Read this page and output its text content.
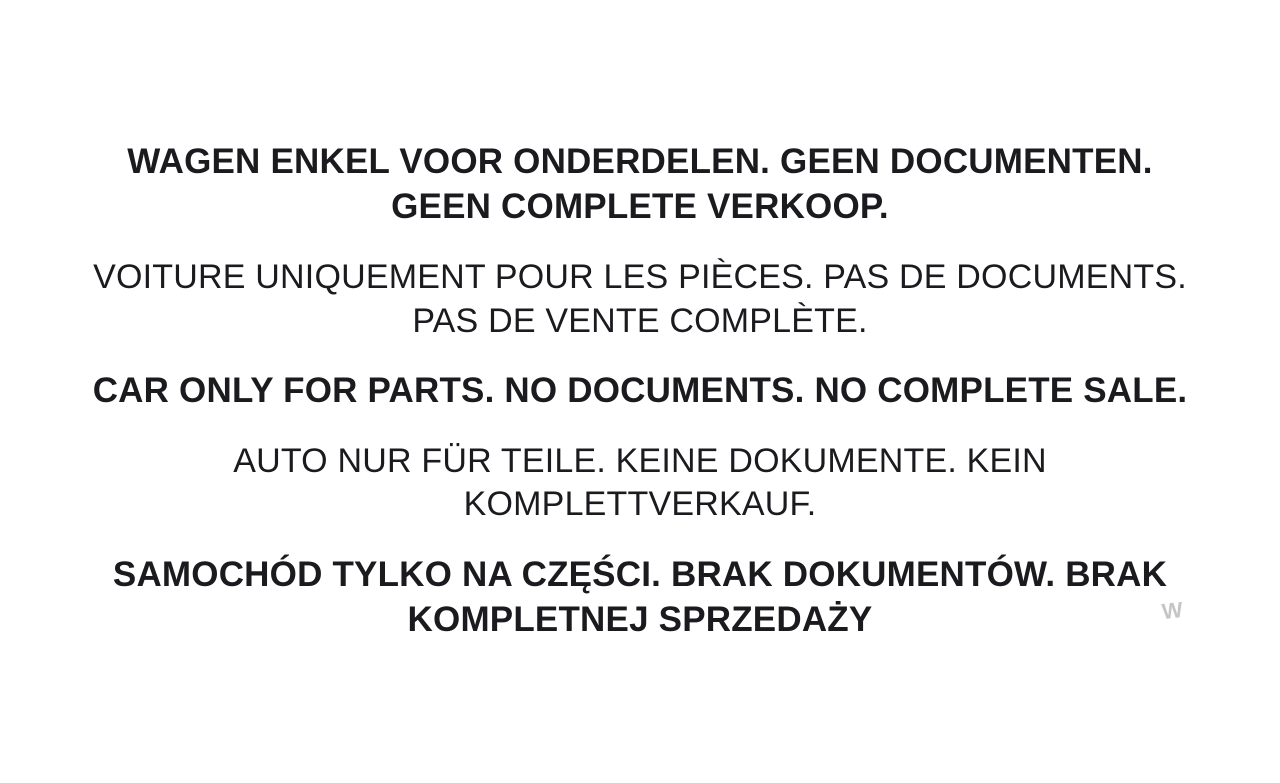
WAGEN ENKEL VOOR ONDERDELEN. GEEN DOCUMENTEN. GEEN COMPLETE VERKOOP.

VOITURE UNIQUEMENT POUR LES PIÈCES. PAS DE DOCUMENTS. PAS DE VENTE COMPLÈTE.

CAR ONLY FOR PARTS. NO DOCUMENTS. NO COMPLETE SALE.

AUTO NUR FÜR TEILE. KEINE DOKUMENTE. KEIN KOMPLETTVERKAUF.

SAMOCHÓD TYLKO NA CZĘŚCI. BRAK DOKUMENTÓW. BRAK KOMPLETNEJ SPRZEDAŻY	W
